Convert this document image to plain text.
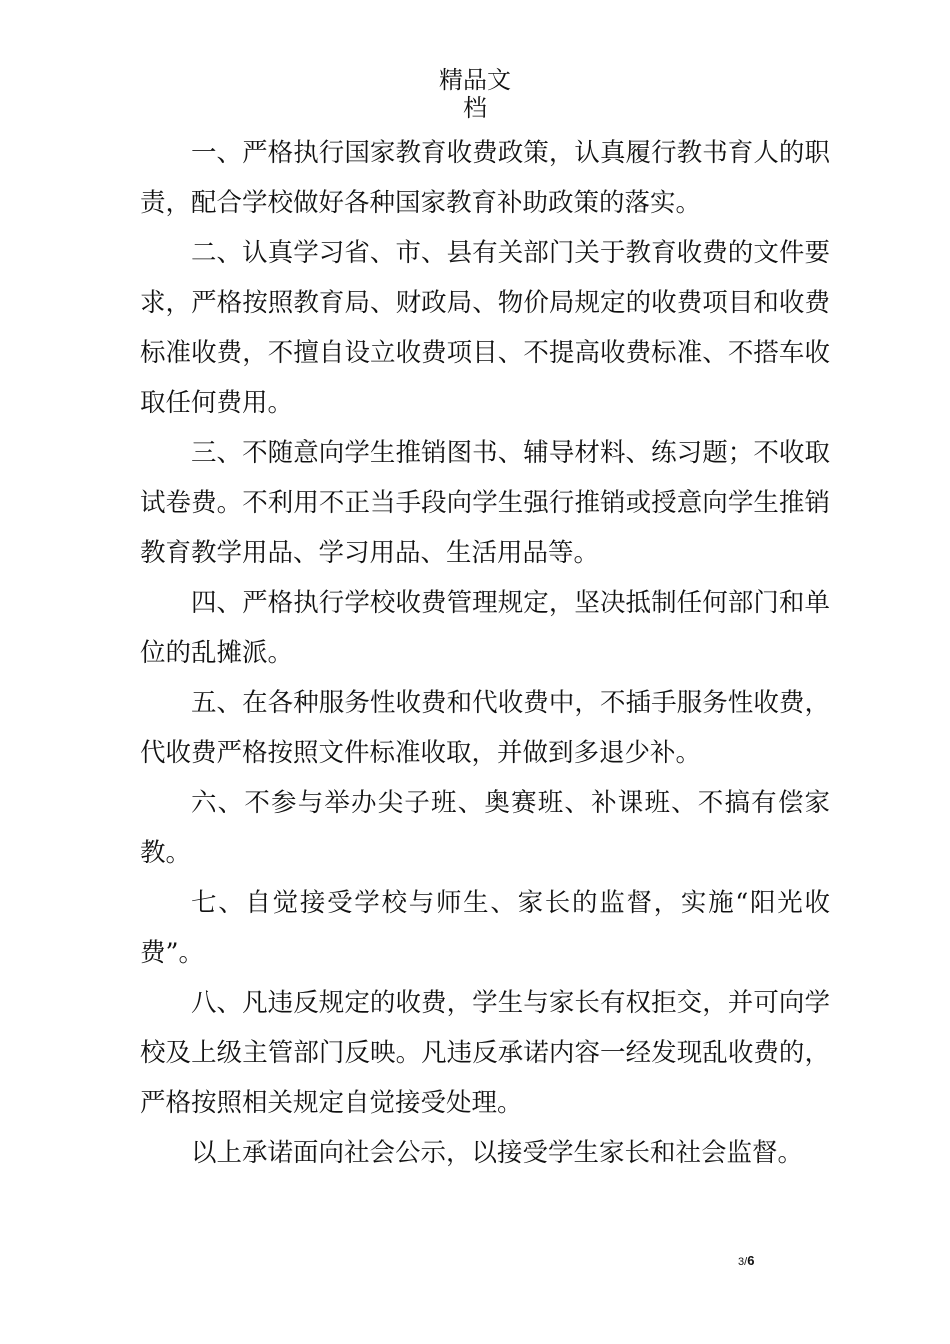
精品文
档

一、严格执行国家教育收费政策，认真履行教书育人的职责，配合学校做好各种国家教育补助政策的落实。

二、认真学习省、市、县有关部门关于教育收费的文件要求，严格按照教育局、财政局、物价局规定的收费项目和收费标准收费，不擅自设立收费项目、不提高收费标准、不搭车收取任何费用。

三、不随意向学生推销图书、辅导材料、练习题；不收取试卷费。不利用不正当手段向学生强行推销或授意向学生推销教育教学用品、学习用品、生活用品等。

四、严格执行学校收费管理规定，坚决抵制任何部门和单位的乱摊派。

五、在各种服务性收费和代收费中，不插手服务性收费，代收费严格按照文件标准收取，并做到多退少补。

六、不参与举办尖子班、奥赛班、补课班、不搞有偿家教。

七、自觉接受学校与师生、家长的监督，实施“阳光收费”。

八、凡违反规定的收费，学生与家长有权拒交，并可向学校及上级主管部门反映。凡违反承诺内容一经发现乱收费的，严格按照相关规定自觉接受处理。

以上承诺面向社会公示，以接受学生家长和社会监督。

3/6
